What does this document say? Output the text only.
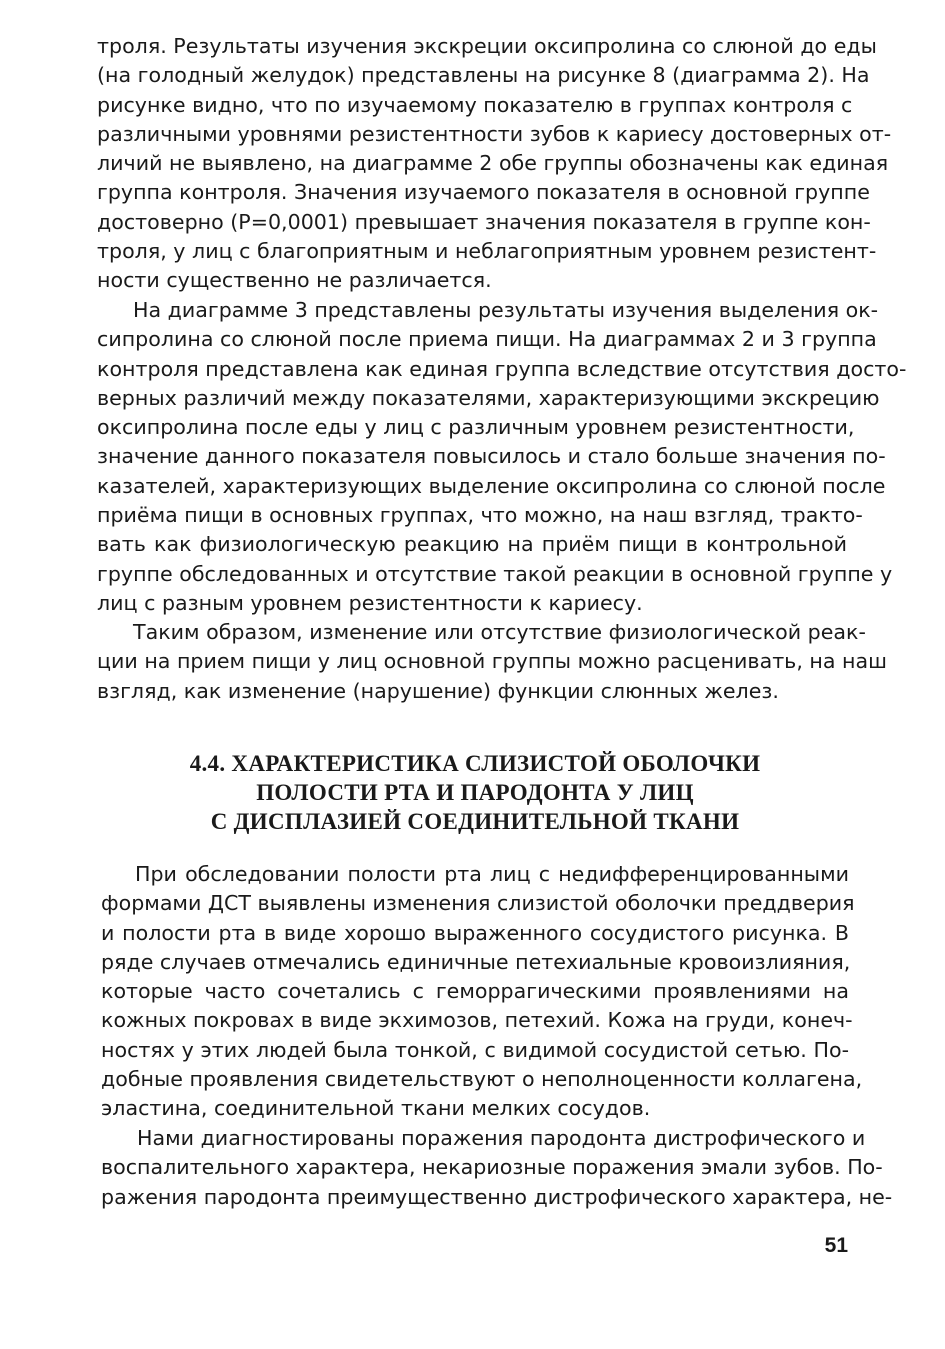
троля. Результаты изучения экскреции оксипролина со слюной до еды
(на голодный желудок) представлены на рисунке 8 (диаграмма 2). На
рисунке видно, что по изучаемому показателю в группах контроля с
различными уровнями резистентности зубов к кариесу достоверных от-
личий не выявлено, на диаграмме 2 обе группы обозначены как единая
группа контроля. Значения изучаемого показателя в основной группе
достоверно (P=0,0001) превышает значения показателя в группе кон-
троля, у лиц с благоприятным и неблагоприятным уровнем резистент-
ности существенно не различается.
На диаграмме 3 представлены результаты изучения выделения ок-
сипролина со слюной после приема пищи. На диаграммах 2 и 3 группа
контроля представлена как единая группа вследствие отсутствия досто-
верных различий между показателями, характеризующими экскрецию
оксипролина после еды у лиц с различным уровнем резистентности,
значение данного показателя повысилось и стало больше значения по-
казателей, характеризующих выделение оксипролина со слюной после
приёма пищи в основных группах, что можно, на наш взгляд, тракто-
вать как физиологическую реакцию на приём пищи в контрольной
группе обследованных и отсутствие такой реакции в основной группе у
лиц с разным уровнем резистентности к кариесу.
Таким образом, изменение или отсутствие физиологической реак-
ции на прием пищи у лиц основной группы можно расценивать, на наш
взгляд, как изменение (нарушение) функции слюнных желез.
4.4. ХАРАКТЕРИСТИКА СЛИЗИСТОЙ ОБОЛОЧКИ
ПОЛОСТИ РТА И ПАРОДОНТА У ЛИЦ
С ДИСПЛАЗИЕЙ СОЕДИНИТЕЛЬНОЙ ТКАНИ
При обследовании полости рта лиц с недифференцированными
формами ДСТ выявлены изменения слизистой оболочки преддверия
и полости рта в виде хорошо выраженного сосудистого рисунка. В
ряде случаев отмечались единичные петехиальные кровоизлияния,
которые часто сочетались с геморрагическими проявлениями на
кожных покровах в виде экхимозов, петехий. Кожа на груди, конеч-
ностях у этих людей была тонкой, с видимой сосудистой сетью. По-
добные проявления свидетельствуют о неполноценности коллагена,
эластина, соединительной ткани мелких сосудов.
Нами диагностированы поражения пародонта дистрофического и
воспалительного характера, некариозные поражения эмали зубов. По-
ражения пародонта преимущественно дистрофического характера, не-
51
